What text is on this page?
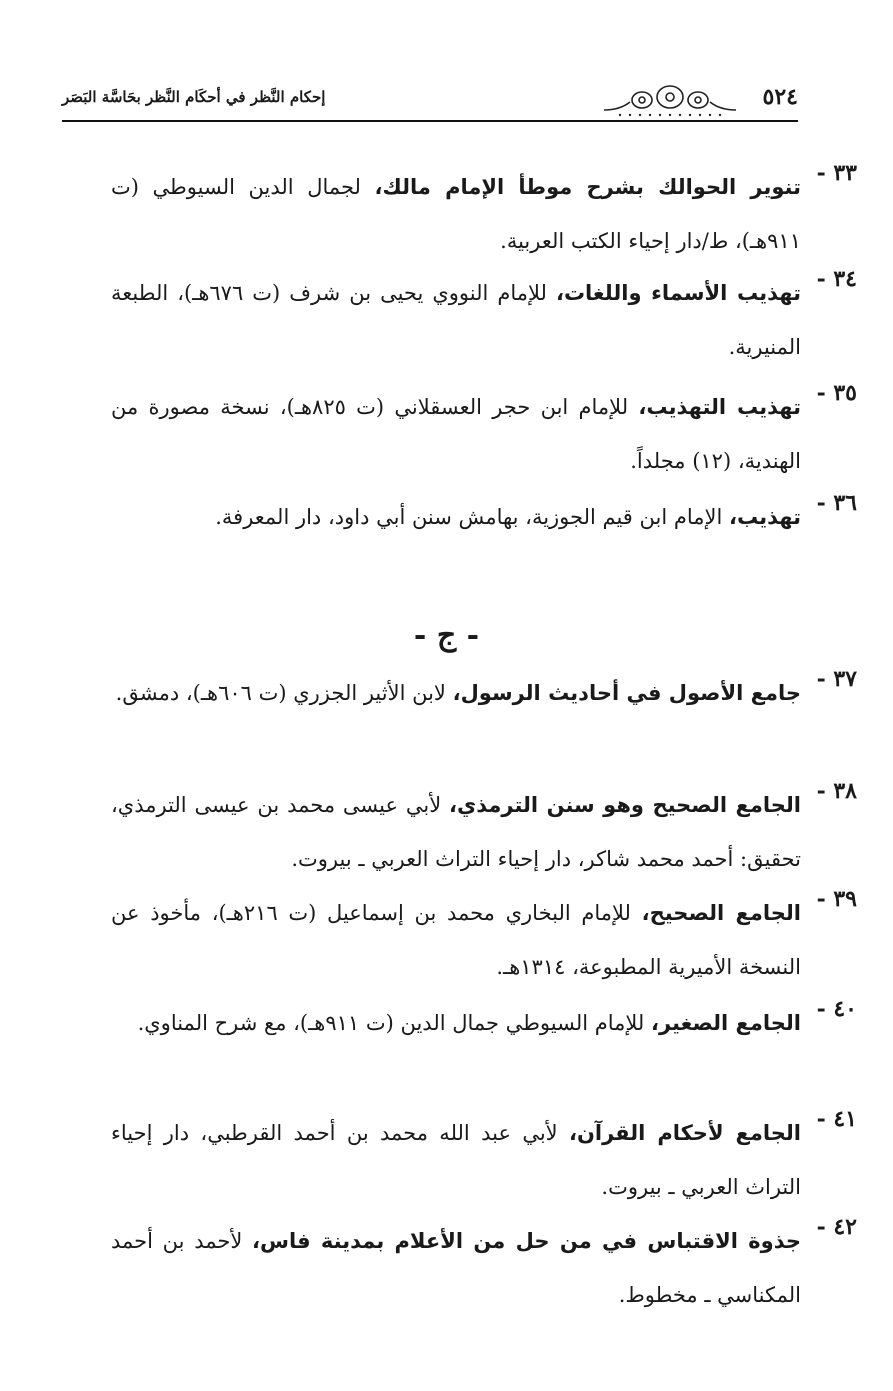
٥٢٤
إحكام النَّظر في أحكَام النَّظر بحَاسَّة البَصَر
٣٣ -
تنوير الحوالك بشرح موطأ الإمام مالك، لجمال الدين السيوطي (ت ٩١١هـ)، ط/دار إحياء الكتب العربية.
٣٤ -
تهذيب الأسماء واللغات، للإمام النووي يحيى بن شرف (ت ٦٧٦هـ)، الطبعة المنيرية.
٣٥ -
تهذيب التهذيب، للإمام ابن حجر العسقلاني (ت ٨٢٥هـ)، نسخة مصورة من الهندية، (١٢) مجلداً.
٣٦ -
تهذيب، الإمام ابن قيم الجوزية، بهامش سنن أبي داود، دار المعرفة.
- ج -
٣٧ -
جامع الأصول في أحاديث الرسول، لابن الأثير الجزري (ت ٦٠٦هـ)، دمشق.
٣٨ -
الجامع الصحيح وهو سنن الترمذي، لأبي عيسى محمد بن عيسى الترمذي، تحقيق: أحمد محمد شاكر، دار إحياء التراث العربي ـ بيروت.
٣٩ -
الجامع الصحيح، للإمام البخاري محمد بن إسماعيل (ت ٢١٦هـ)، مأخوذ عن النسخة الأميرية المطبوعة، ١٣١٤هـ.
٤٠ -
الجامع الصغير، للإمام السيوطي جمال الدين (ت ٩١١هـ)، مع شرح المناوي.
٤١ -
الجامع لأحكام القرآن، لأبي عبد الله محمد بن أحمد القرطبي، دار إحياء التراث العربي ـ بيروت.
٤٢ -
جذوة الاقتباس في من حل من الأعلام بمدينة فاس، لأحمد بن أحمد المكناسي ـ مخطوط.
